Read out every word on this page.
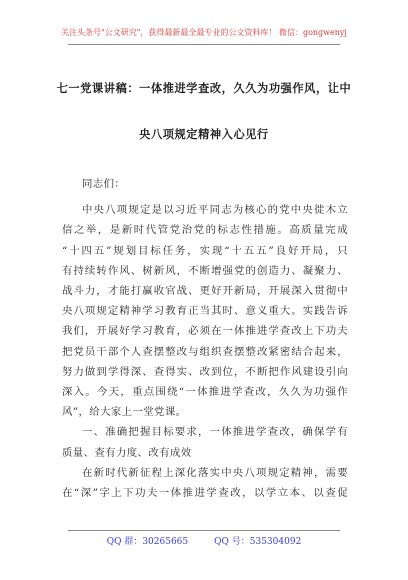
关注头条号"公文研究"，获得最新最全最专业的公文资料库！ 微信：gongwenyj
七一党课讲稿：一体推进学查改，久久为功强作风，让中
央八项规定精神入心见行

同志们：

中央八项规定是以习近平同志为核心的党中央徙木立

信之举，是新时代管党治党的标志性措施。高质量完成

“十四五”规划目标任务，实现“十五五”良好开局，只

有持续转作风、树新风，不断增强党的创造力、凝聚力、

战斗力，才能打赢收官战、更好开新局，开展深入贯彻中

央八项规定精神学习教育正当其时、意义重大。实践告诉

我们，开展好学习教育，必须在一体推进学查改上下功夫

把党员干部个人查摆整改与组织查摆整改紧密结合起来，

努力做到学得深、查得实、改到位，不断把作风建设引向

深入。今天，重点围绕“一体推进学查改，久久为功强作

风”，给大家上一堂党课。

一、准确把握目标要求，一体推进学查改，确保学有

质量、查有力度、改有成效

在新时代新征程上深化落实中央八项规定精神，需要

在“深”字上下功夫一体推进学查改，以学立本、以查促

QQ 群：30265665	QQ 号：535304092
